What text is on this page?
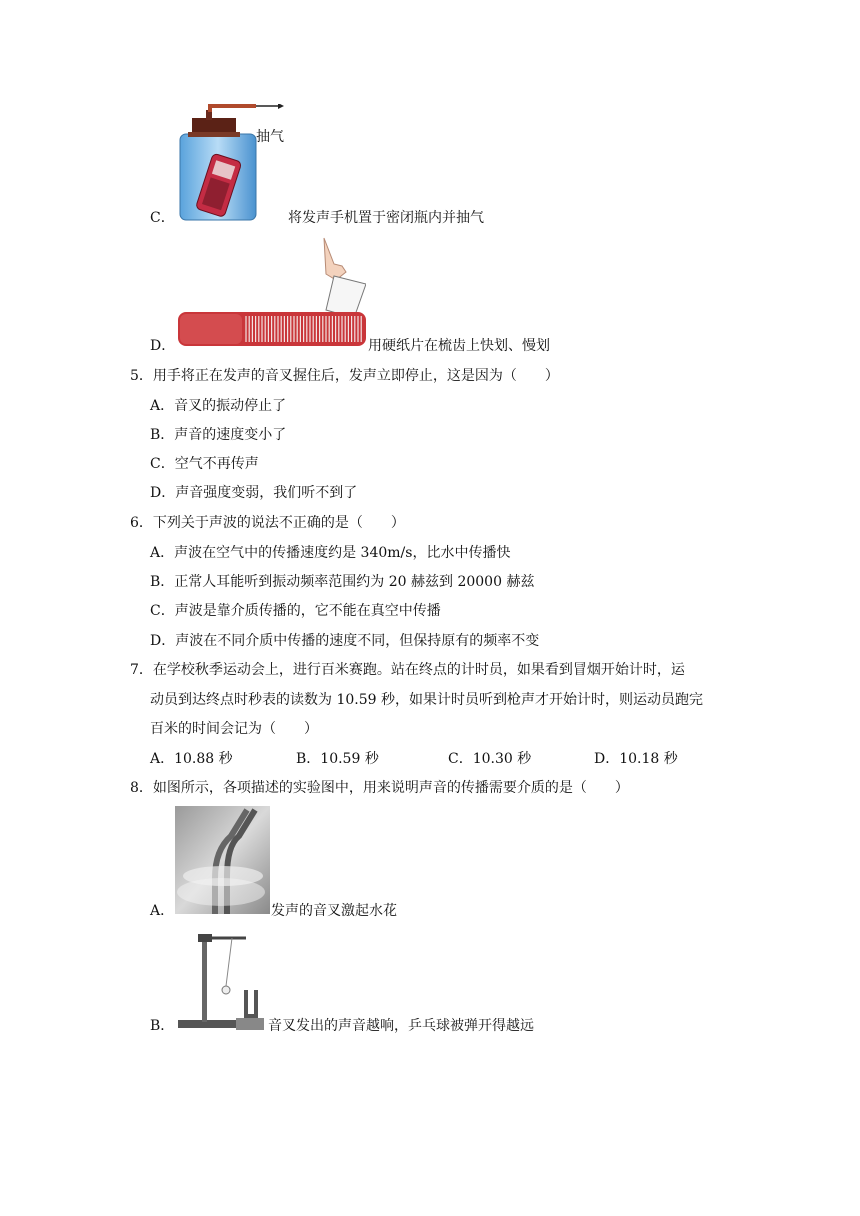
抽气
C．	将发声手机置于密闭瓶内并抽气
D．	用硬纸片在梳齿上快划、慢划
5．用手将正在发声的音叉握住后，发声立即停止，这是因为（　　）
A．音叉的振动停止了
B．声音的速度变小了
C．空气不再传声
D．声音强度变弱，我们听不到了
6．下列关于声波的说法不正确的是（　　）
A．声波在空气中的传播速度约是 340m/s，比水中传播快
B．正常人耳能听到振动频率范围约为 20 赫兹到 20000 赫兹
C．声波是靠介质传播的，它不能在真空中传播
D．声波在不同介质中传播的速度不同，但保持原有的频率不变
7．在学校秋季运动会上，进行百米赛跑。站在终点的计时员，如果看到冒烟开始计时，运
动员到达终点时秒表的读数为 10.59 秒，如果计时员听到枪声才开始计时，则运动员跑完
百米的时间会记为（　　）
A．10.88 秒	B．10.59 秒	C．10.30 秒	D．10.18 秒
8．如图所示，各项描述的实验图中，用来说明声音的传播需要介质的是（　　）
A．	发声的音叉激起水花
B．	音叉发出的声音越响，乒乓球被弹开得越远
